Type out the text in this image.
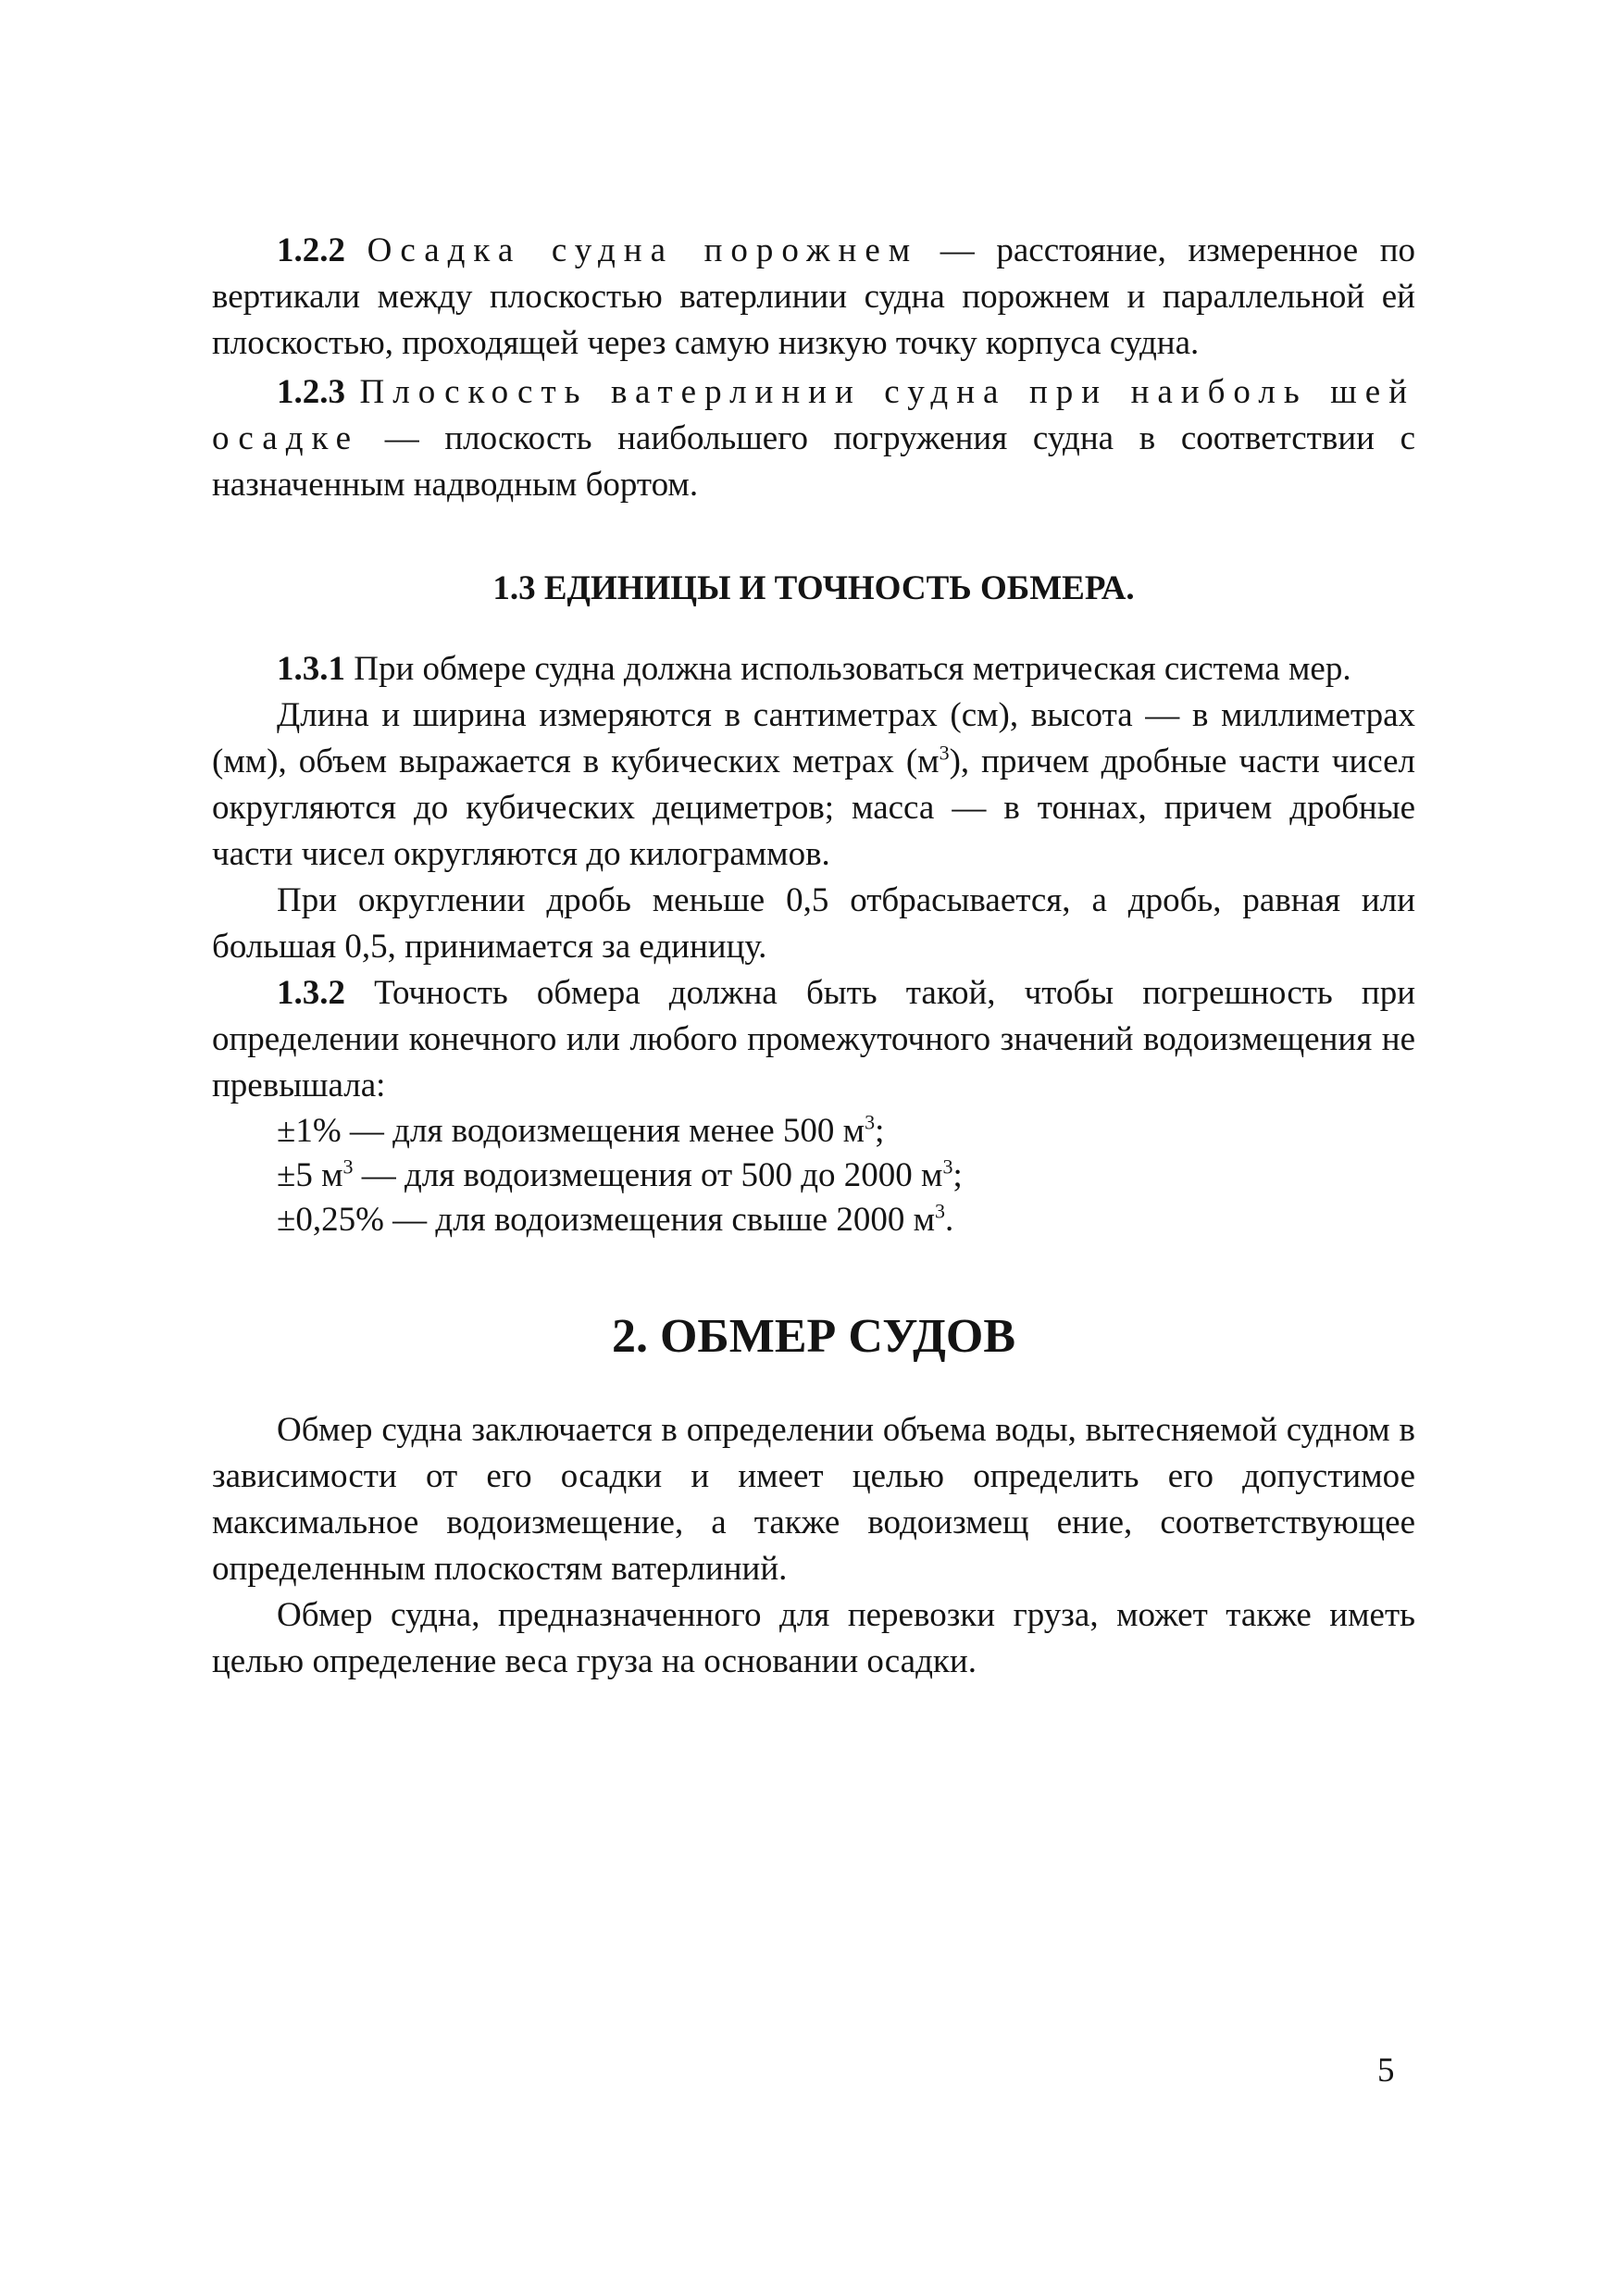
1.2.2 Осадка судна порожнем — расстояние, измеренное по вертикали между плоскостью ватерлинии судна порожнем и параллельной ей плоскостью, проходящей через самую низкую точку корпуса судна.

1.2.3 Плоскость ватерлинии судна при наиболь шей осадке — плоскость наибольшего погружения судна в соответствии с назначенным надводным бортом.

1.3 ЕДИНИЦЫ И ТОЧНОСТЬ ОБМЕРА.

1.3.1 При обмере судна должна использоваться метрическая система мер.

Длина и ширина измеряются в сантиметрах (см), высота — в миллиметрах (мм), объем выражается в кубических метрах $(м^3)$, причем дробные части чисел округляются до кубических дециметров; масса — в тоннах, причем дробные части чисел округляются до килограммов.

При округлении дробь меньше 0,5 отбрасывается, а дробь, равная или большая 0,5, принимается за единицу.

1.3.2 Точность обмера должна быть такой, чтобы погрешность при определении конечного или любого промежуточного значений водоизмещения не превышала:

±1% — для водоизмещения менее 500 $м^3$;
±5 $м^3$ — для водоизмещения от 500 до 2000 $м^3$;
±0,25% — для водоизмещения свыше 2000 $м^3$.
2. ОБМЕР СУДОВ

Обмер судна заключается в определении объема воды, вытесняемой судном в зависимости от его осадки и имеет целью определить его допустимое максимальное водоизмещение, а также водоизмещ ение, соответствующее определенным плоскостям ватерлиний.

Обмер судна, предназначенного для перевозки груза, может также иметь целью определение веса груза на основании осадки.

5
